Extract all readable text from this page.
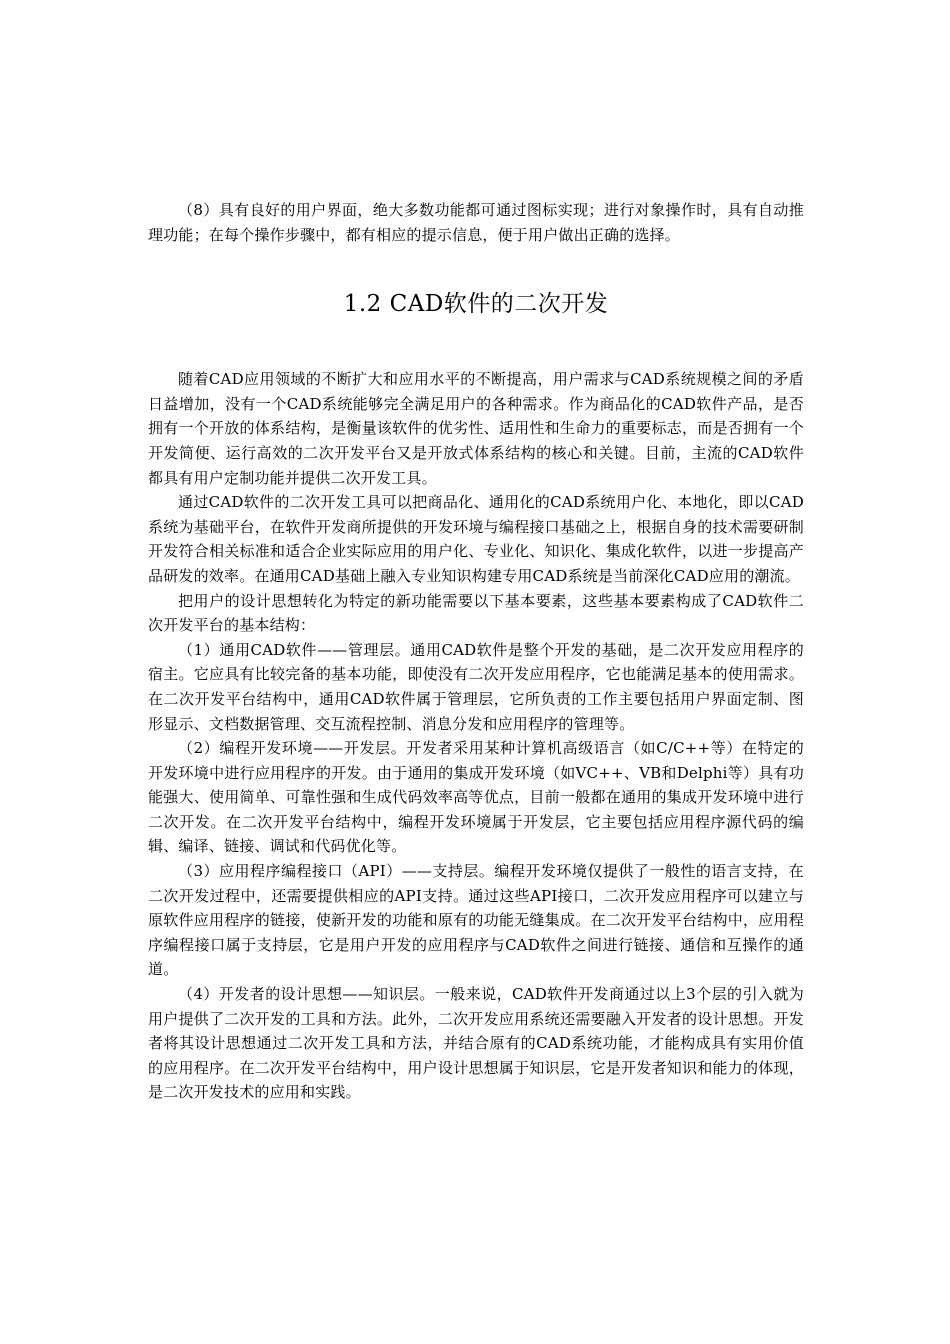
（8）具有良好的用户界面，绝大多数功能都可通过图标实现；进行对象操作时，具有自动推理功能；在每个操作步骤中，都有相应的提示信息，便于用户做出正确的选择。

1.2 CAD软件的二次开发

随着CAD应用领域的不断扩大和应用水平的不断提高，用户需求与CAD系统规模之间的矛盾日益增加，没有一个CAD系统能够完全满足用户的各种需求。作为商品化的CAD软件产品，是否拥有一个开放的体系结构，是衡量该软件的优劣性、适用性和生命力的重要标志，而是否拥有一个开发简便、运行高效的二次开发平台又是开放式体系结构的核心和关键。目前，主流的CAD软件都具有用户定制功能并提供二次开发工具。

通过CAD软件的二次开发工具可以把商品化、通用化的CAD系统用户化、本地化，即以CAD系统为基础平台，在软件开发商所提供的开发环境与编程接口基础之上，根据自身的技术需要研制开发符合相关标准和适合企业实际应用的用户化、专业化、知识化、集成化软件，以进一步提高产品研发的效率。在通用CAD基础上融入专业知识构建专用CAD系统是当前深化CAD应用的潮流。

把用户的设计思想转化为特定的新功能需要以下基本要素，这些基本要素构成了CAD软件二次开发平台的基本结构：

（1）通用CAD软件——管理层。通用CAD软件是整个开发的基础，是二次开发应用程序的宿主。它应具有比较完备的基本功能，即使没有二次开发应用程序，它也能满足基本的使用需求。在二次开发平台结构中，通用CAD软件属于管理层，它所负责的工作主要包括用户界面定制、图形显示、文档数据管理、交互流程控制、消息分发和应用程序的管理等。

（2）编程开发环境——开发层。开发者采用某种计算机高级语言（如C/C++等）在特定的开发环境中进行应用程序的开发。由于通用的集成开发环境（如VC++、VB和Delphi等）具有功能强大、使用简单、可靠性强和生成代码效率高等优点，目前一般都在通用的集成开发环境中进行二次开发。在二次开发平台结构中，编程开发环境属于开发层，它主要包括应用程序源代码的编辑、编译、链接、调试和代码优化等。

（3）应用程序编程接口（API）——支持层。编程开发环境仅提供了一般性的语言支持，在二次开发过程中，还需要提供相应的API支持。通过这些API接口，二次开发应用程序可以建立与原软件应用程序的链接，使新开发的功能和原有的功能无缝集成。在二次开发平台结构中，应用程序编程接口属于支持层，它是用户开发的应用程序与CAD软件之间进行链接、通信和互操作的通道。

（4）开发者的设计思想——知识层。一般来说，CAD软件开发商通过以上3个层的引入就为用户提供了二次开发的工具和方法。此外，二次开发应用系统还需要融入开发者的设计思想。开发者将其设计思想通过二次开发工具和方法，并结合原有的CAD系统功能，才能构成具有实用价值的应用程序。在二次开发平台结构中，用户设计思想属于知识层，它是开发者知识和能力的体现，是二次开发技术的应用和实践。
